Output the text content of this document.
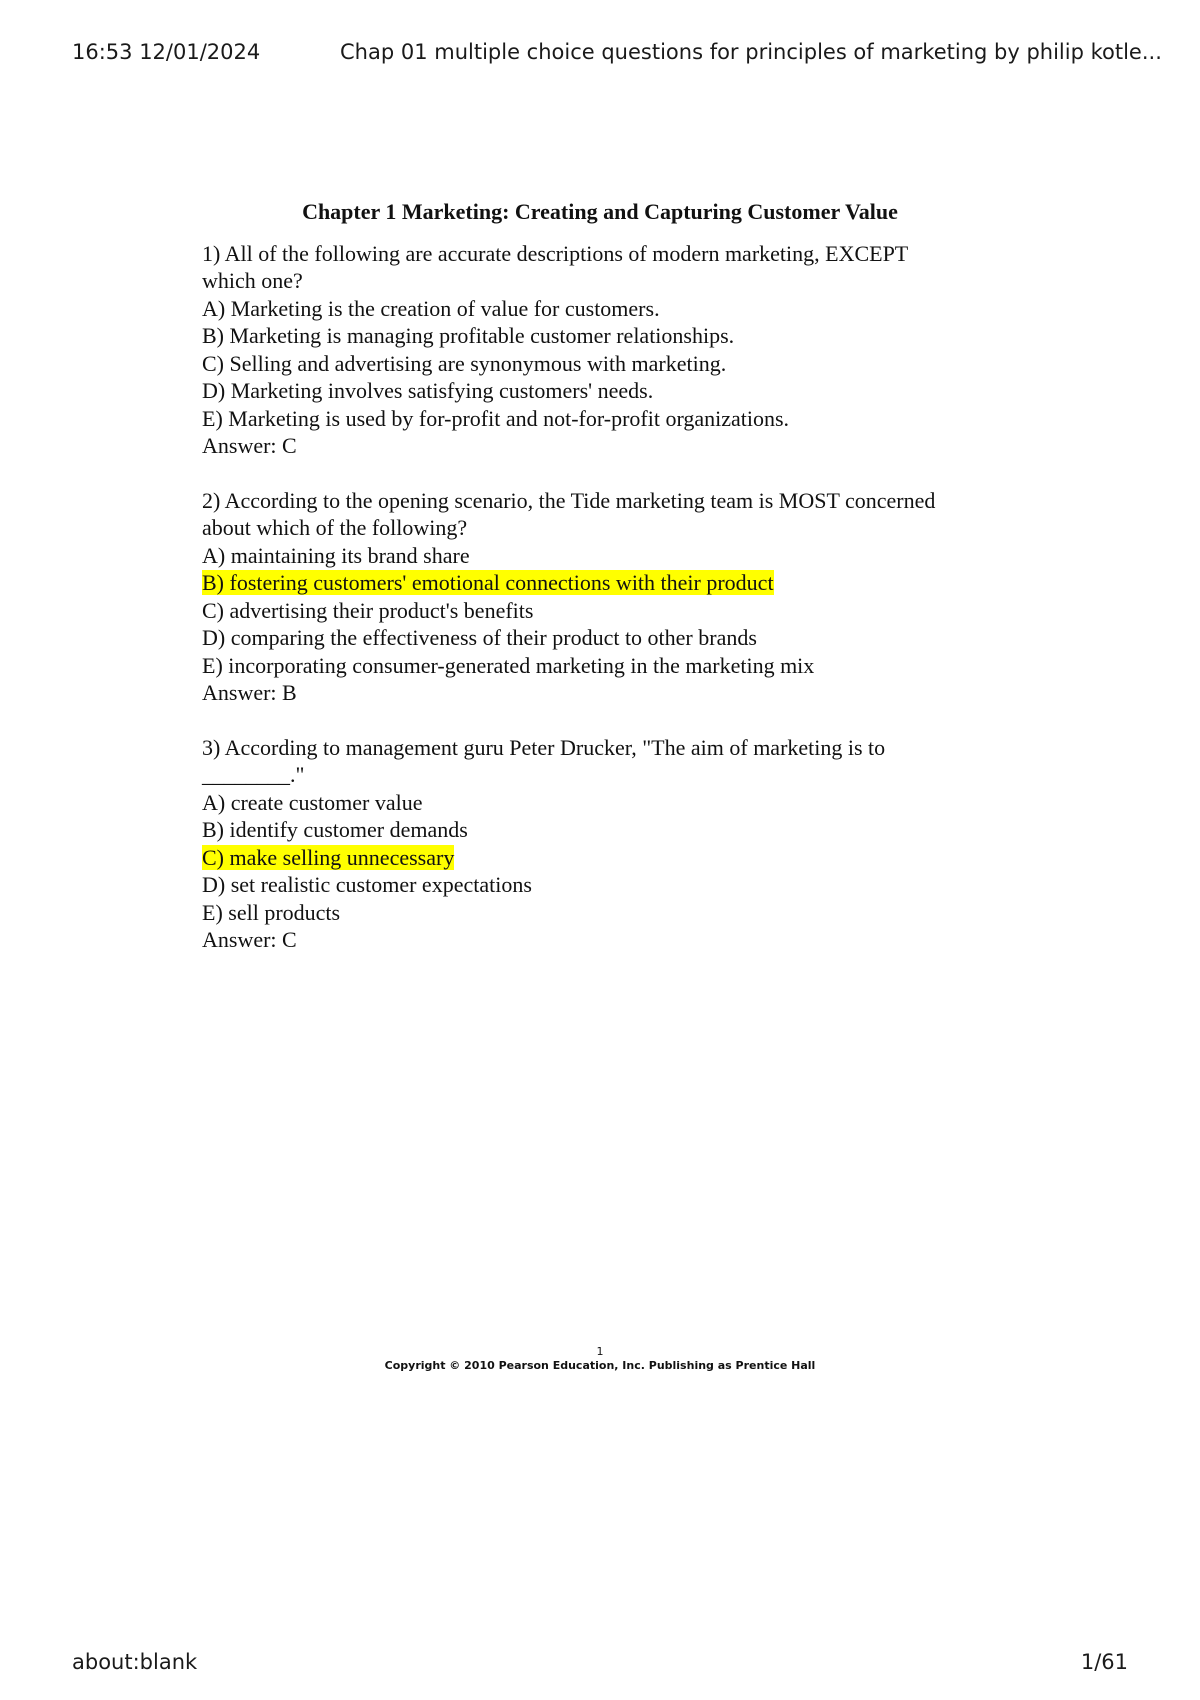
16:53 12/01/2024	Chap 01 multiple choice questions for principles of marketing by philip kotle...
Chapter 1 Marketing: Creating and Capturing Customer Value
1) All of the following are accurate descriptions of modern marketing, EXCEPT
which one?
A) Marketing is the creation of value for customers.
B) Marketing is managing profitable customer relationships.
C) Selling and advertising are synonymous with marketing.
D) Marketing involves satisfying customers' needs.
E) Marketing is used by for-profit and not-for-profit organizations.
Answer: C
2) According to the opening scenario, the Tide marketing team is MOST concerned
about which of the following?
A) maintaining its brand share
B) fostering customers' emotional connections with their product
C) advertising their product's benefits
D) comparing the effectiveness of their product to other brands
E) incorporating consumer-generated marketing in the marketing mix
Answer: B
3) According to management guru Peter Drucker, "The aim of marketing is to
________."
A) create customer value
B) identify customer demands
C) make selling unnecessary
D) set realistic customer expectations
E) sell products
Answer: C
1
Copyright © 2010 Pearson Education, Inc. Publishing as Prentice Hall
about:blank	1/61
